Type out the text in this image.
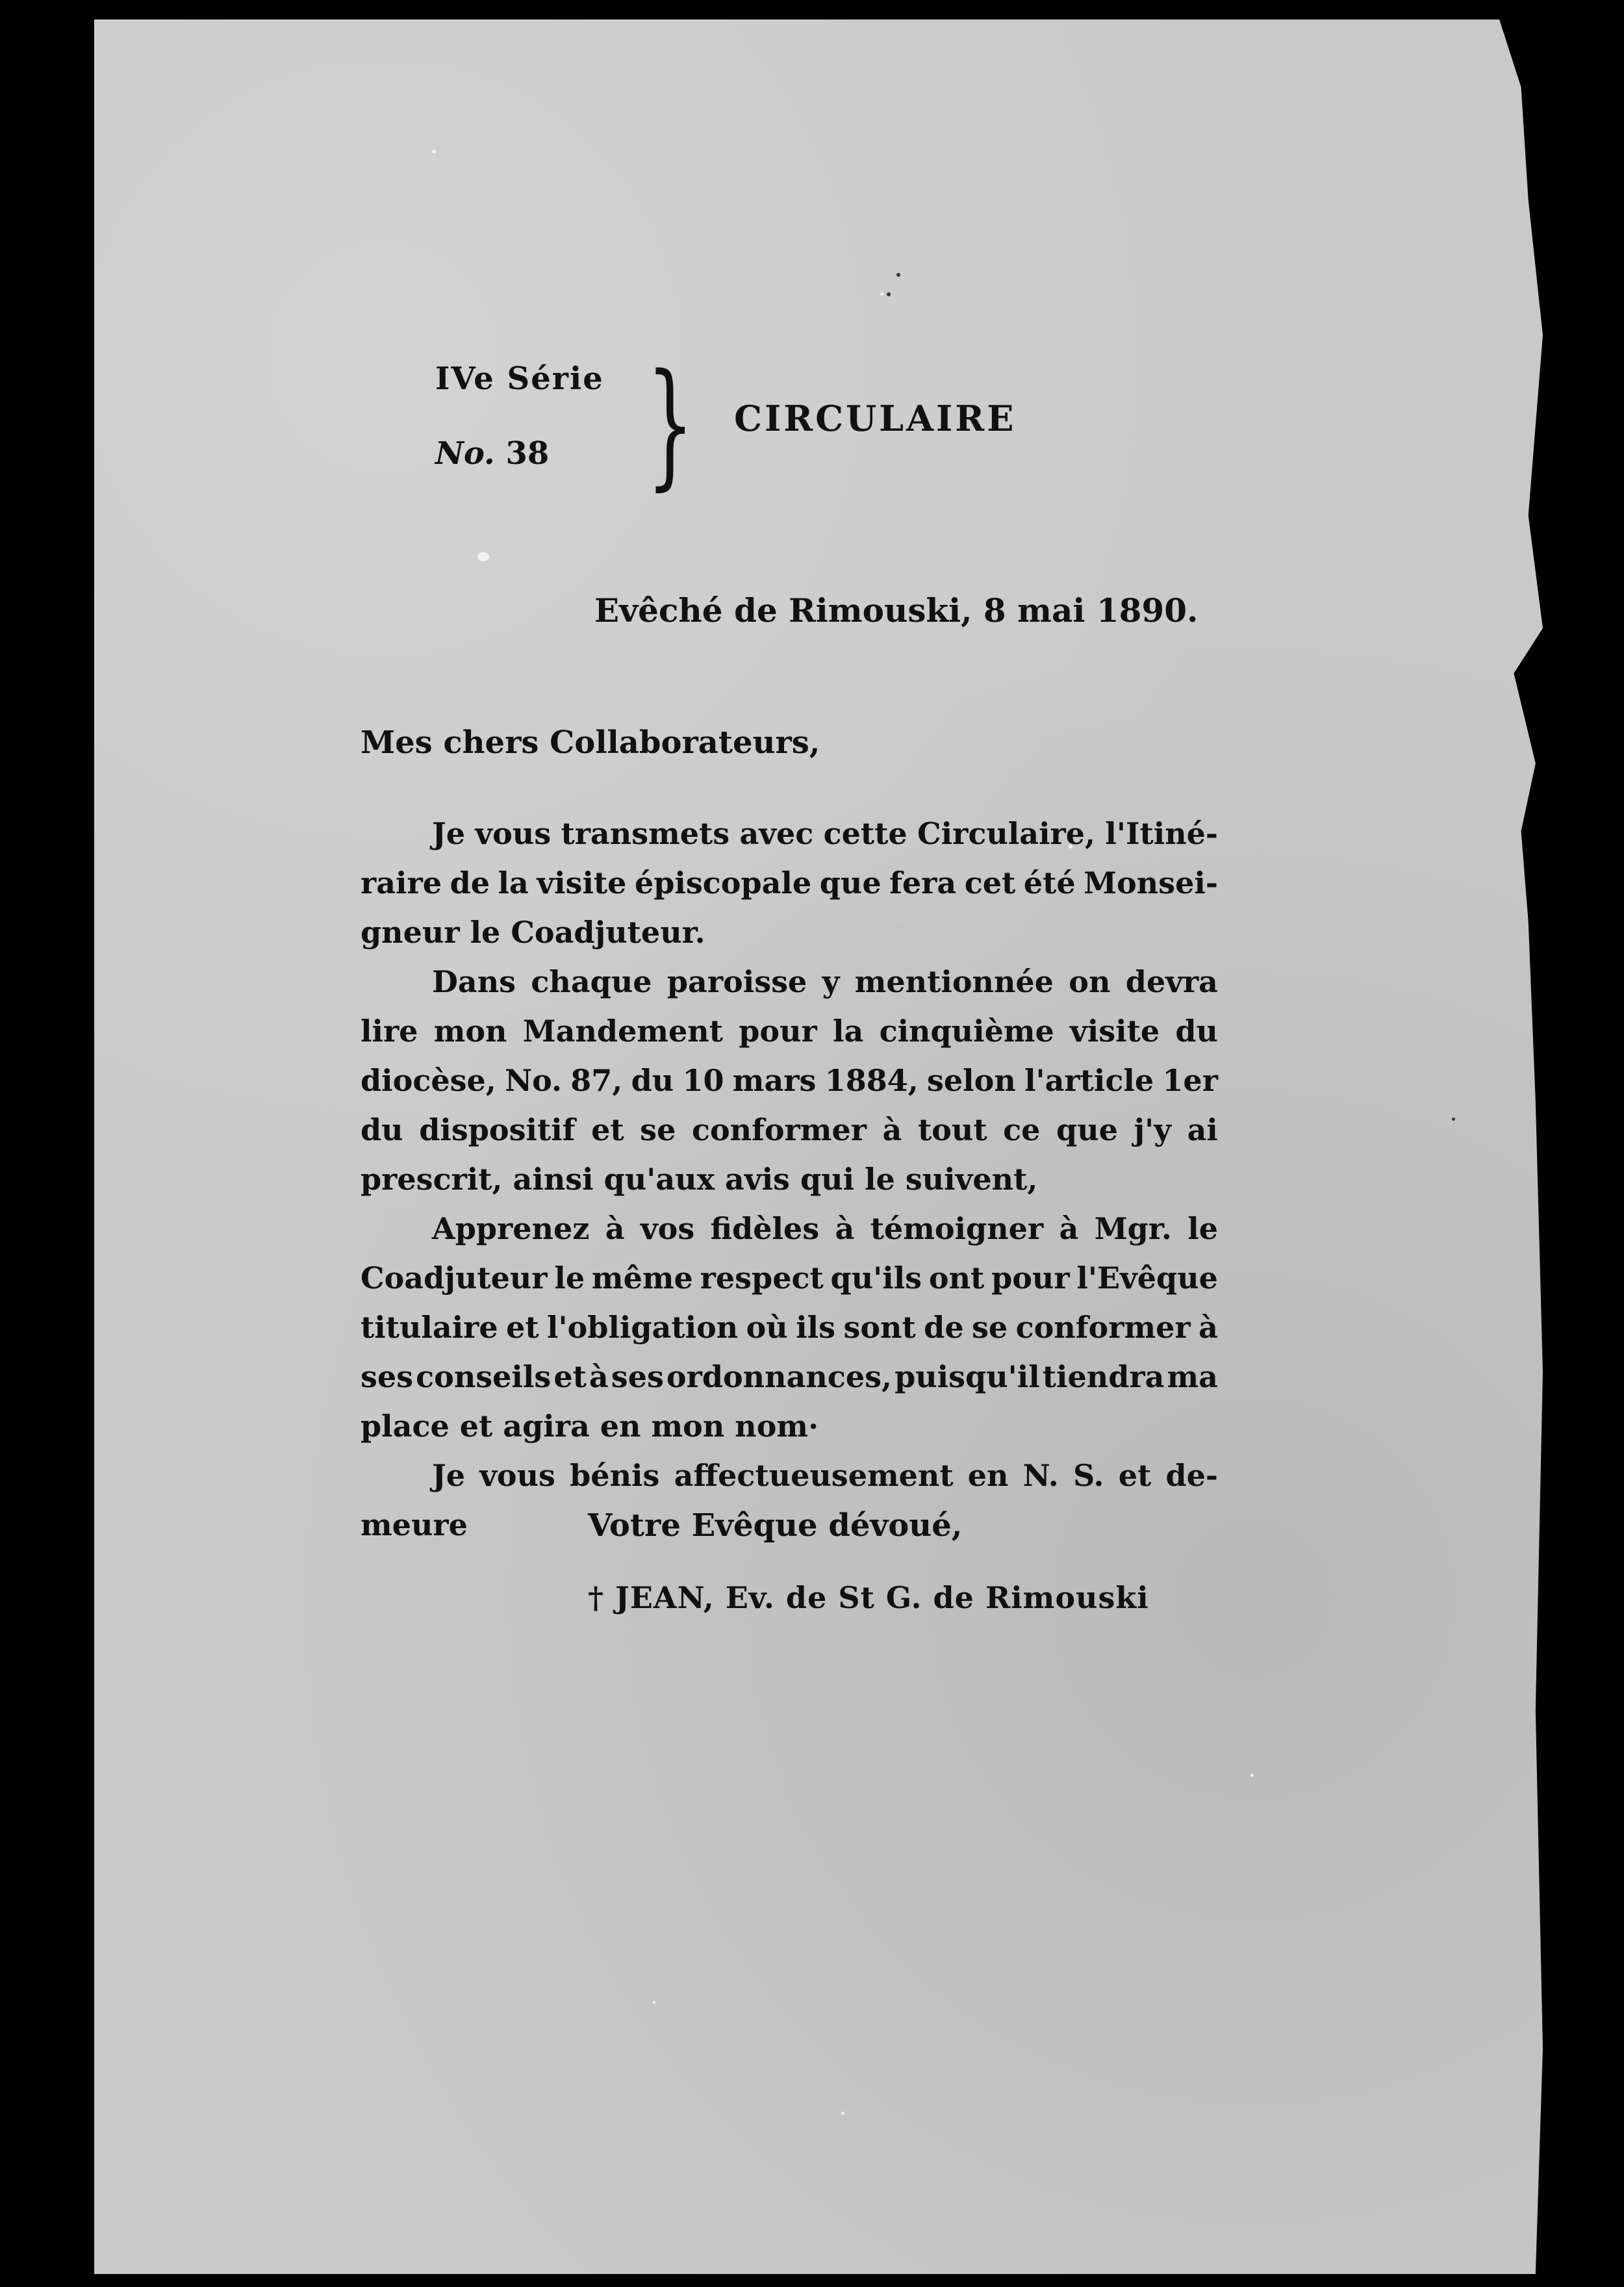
IVe Série
No. 38 } CIRCULAIRE
Evêché de Rimouski, 8 mai 1890.
Mes chers Collaborateurs,
Je vous transmets avec cette Circulaire, l'Itiné-
raire de la visite épiscopale que fera cet été Monsei-
gneur le Coadjuteur.
Dans chaque paroisse y mentionnée on devra
lire mon Mandement pour la cinquième visite du
diocèse, No. 87, du 10 mars 1884, selon l'article 1er
du dispositif et se conformer à tout ce que j'y ai
prescrit, ainsi qu'aux avis qui le suivent,
Apprenez à vos fidèles à témoigner à Mgr. le
Coadjuteur le même respect qu'ils ont pour l'Evêque
titulaire et l'obligation où ils sont de se conformer à
ses conseils et à ses ordonnances, puisqu'il tiendra ma
place et agira en mon nom·
Je vous bénis affectueusement en N. S. et de-
meure	Votre Evêque dévoué,
† JEAN, Ev. de St G. de Rimouski
